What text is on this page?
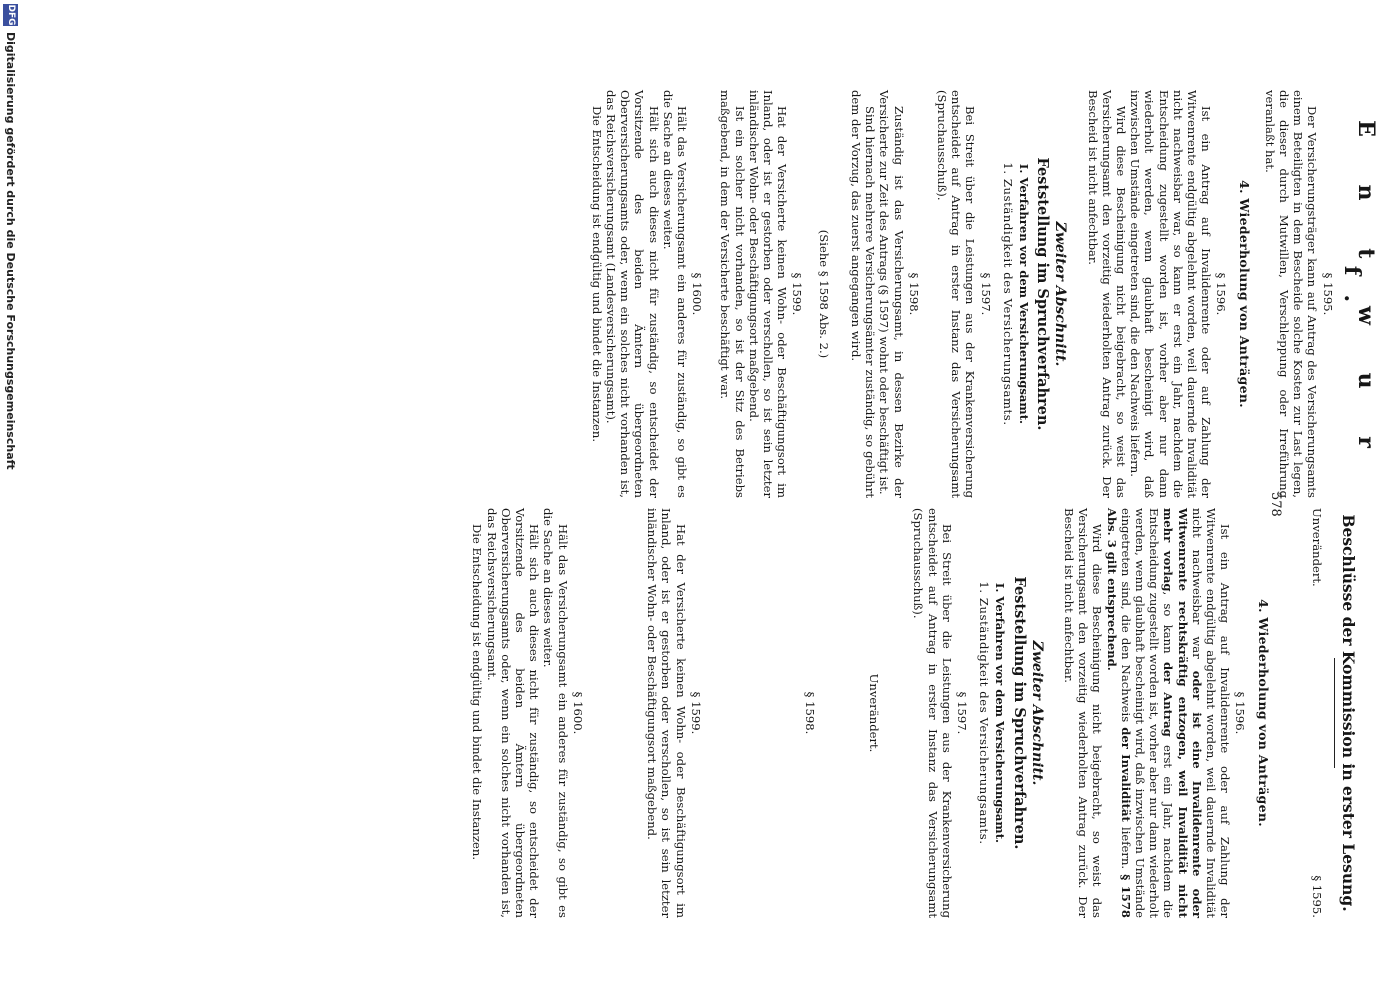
578
E n t w u r f.
§ 1595.

Der Versicherungsträger kann auf Antrag des Versicherungsamts einem Beteiligten in dem Bescheide solche Kosten zur Last legen, die dieser durch Mutwillen, Verschleppung oder Irreführung veranlaßt hat.

4. Wiederholung von Anträgen.
§ 1596.

Ist ein Antrag auf Invalidenrente oder auf Zahlung der Witwenrente endgültig abgelehnt worden, weil dauernde Invalidität nicht nachweisbar war, so kann er erst ein Jahr, nachdem die Entscheidung zugestellt worden ist, vorher aber nur dann wiederholt werden, wenn glaubhaft bescheinigt wird, daß inzwischen Umstände eingetreten sind, die den Nachweis liefern.

Wird diese Bescheinigung nicht beigebracht, so weist das Versicherungsamt den vorzeitig wiederholten Antrag zurück. Der Bescheid ist nicht anfechtbar.

Zweiter Abschnitt.
Feststellung im Spruchverfahren.
I. Verfahren vor dem Versicherungsamt.
1. Zuständigkeit des Versicherungsamts.
§ 1597.

Bei Streit über die Leistungen aus der Krankenversicherung entscheidet auf Antrag in erster Instanz das Versicherungsamt (Spruchausschuß).

§ 1598.

Zuständig ist das Versicherungsamt, in dessen Bezirke der Versicherte zur Zeit des Antrags (§ 1597) wohnt oder beschäftigt ist.

Sind hiernach mehrere Versicherungsämter zuständig, so gebührt dem der Vorzug, das zuerst angegangen wird.

(Siehe § 1598 Abs. 2.)
§ 1599.

Hat der Versicherte keinen Wohn- oder Beschäftigungsort im Inland, oder ist er gestorben oder verschollen, so ist sein letzter inländischer Wohn- oder Beschäftigungsort maßgebend.

Ist ein solcher nicht vorhanden, so ist der Sitz des Betriebs maßgebend, in dem der Versicherte beschäftigt war.

§ 1600.

Hält das Versicherungsamt ein anderes für zuständig, so gibt es die Sache an dieses weiter.

Hält sich auch dieses nicht für zuständig, so entscheidet der Vorsitzende des beiden Ämtern übergeordneten Oberversicherungsamts oder, wenn ein solches nicht vorhanden ist, das Reichsversicherungsamt (Landesversicherungsamt).

Die Entscheidung ist endgültig und bindet die Instanzen.

Beschlüsse der Kommission in erster Lesung.
Unverändert.
§ 1595.
4. Wiederholung von Anträgen.
§ 1596.

Ist ein Antrag auf Invalidenrente oder auf Zahlung der Witwenrente endgültig abgelehnt worden, weil dauernde Invalidität nicht nachweisbar war oder ist eine Invalidenrente oder Witwenrente rechtskräftig entzogen, weil Invalidität nicht mehr vorlag, so kann der Antrag erst ein Jahr, nachdem die Entscheidung zugestellt worden ist, vorher aber nur dann wiederholt werden, wenn glaubhaft bescheinigt wird, daß inzwischen Umstände eingetreten sind, die den Nachweis der Invalidität liefern. § 1578 Abs. 3 gilt entsprechend.

Wird diese Bescheinigung nicht beigebracht, so weist das Versicherungsamt den vorzeitig wiederholten Antrag zurück. Der Bescheid ist nicht anfechtbar.

Zweiter Abschnitt.
Feststellung im Spruchverfahren.
I. Verfahren vor dem Versicherungsamt.
1. Zuständigkeit des Versicherungsamts.
§ 1597.

Bei Streit über die Leistungen aus der Krankenversicherung entscheidet auf Antrag in erster Instanz das Versicherungsamt (Spruchausschuß).

Unverändert.
§ 1598.
§ 1599.

Hat der Versicherte keinen Wohn- oder Beschäftigungsort im Inland, oder ist er gestorben oder verschollen, so ist sein letzter inländischer Wohn- oder Beschäftigungsort maßgebend.

§ 1600.

Hält das Versicherungsamt ein anderes für zuständig, so gibt es die Sache an dieses weiter.

Hält sich auch dieses nicht für zuständig, so entscheidet der Vorsitzende des beiden Ämtern übergeordneten Oberversicherungsamts oder, wenn ein solches nicht vorhanden ist, das Reichsversicherungsamt.

Die Entscheidung ist endgültig und bindet die Instanzen.

DFG
Digitalisierung gefördert durch die Deutsche Forschungsgemeinschaft
